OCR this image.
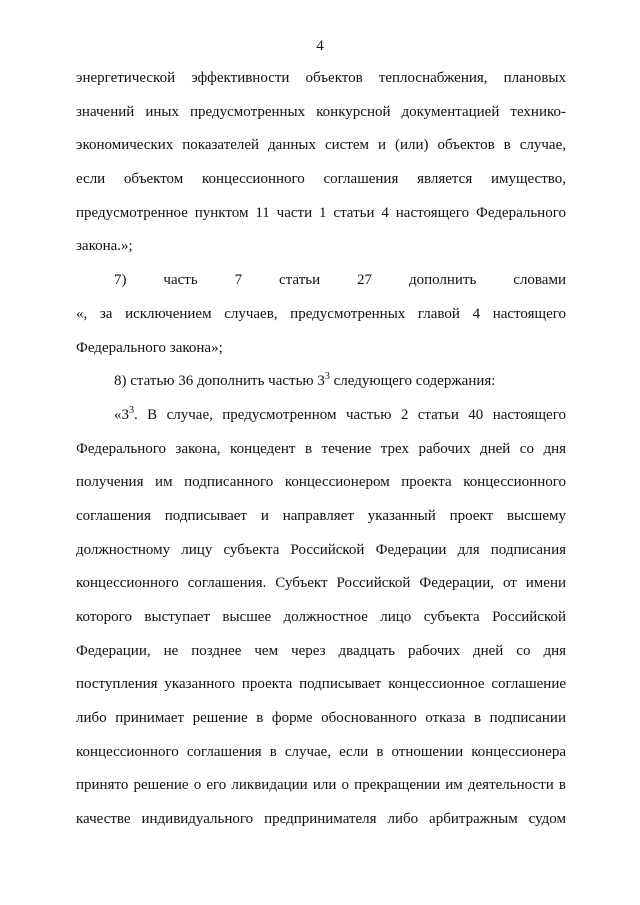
4
энергетической эффективности объектов теплоснабжения, плановых
значений иных предусмотренных конкурсной документацией технико-
экономических показателей данных систем и (или) объектов в случае,
если объектом концессионного соглашения является имущество,
предусмотренное пунктом 11 части 1 статьи 4 настоящего Федерального
закона.»;
7) часть 7 статьи 27 дополнить словами
«, за исключением случаев, предусмотренных главой 4 настоящего
Федерального закона»;
8) статью 36 дополнить частью $3^3$ следующего содержания:
«$3^3$. В случае, предусмотренном частью 2 статьи 40 настоящего
Федерального закона, концедент в течение трех рабочих дней со дня
получения им подписанного концессионером проекта концессионного
соглашения подписывает и направляет указанный проект высшему
должностному лицу субъекта Российской Федерации для подписания
концессионного соглашения. Субъект Российской Федерации, от имени
которого выступает высшее должностное лицо субъекта Российской
Федерации, не позднее чем через двадцать рабочих дней со дня
поступления указанного проекта подписывает концессионное соглашение
либо принимает решение в форме обоснованного отказа в подписании
концессионного соглашения в случае, если в отношении концессионера
принято решение о его ликвидации или о прекращении им деятельности в
качестве индивидуального предпринимателя либо арбитражным судом
